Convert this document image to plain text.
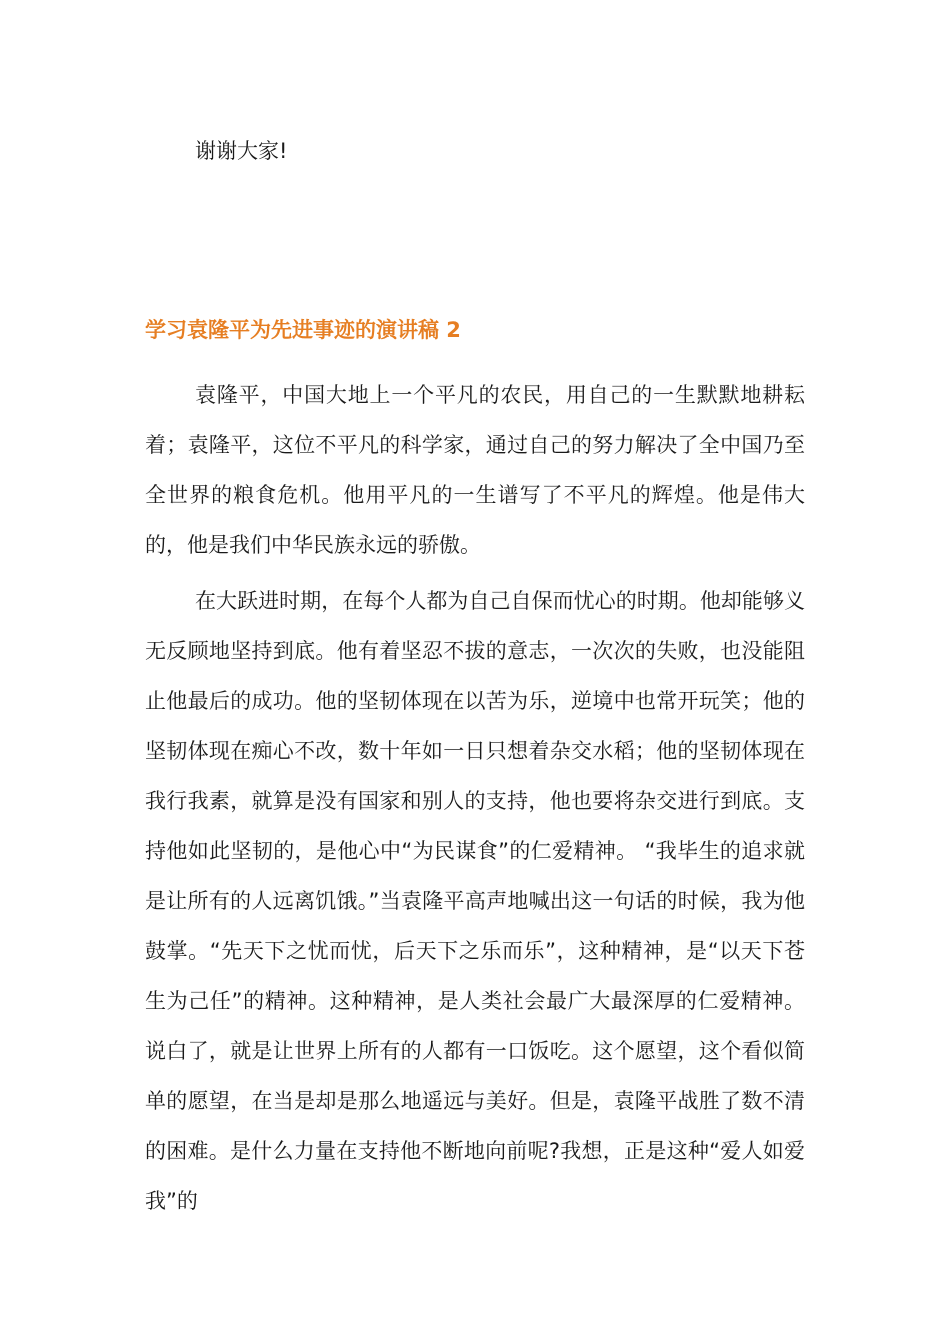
谢谢大家!

学习袁隆平为先进事迹的演讲稿 2

袁隆平，中国大地上一个平凡的农民，用自己的一生默默地耕耘着；袁隆平，这位不平凡的科学家，通过自己的努力解决了全中国乃至全世界的粮食危机。他用平凡的一生谱写了不平凡的辉煌。他是伟大的，他是我们中华民族永远的骄傲。

在大跃进时期，在每个人都为自己自保而忧心的时期。他却能够义无反顾地坚持到底。他有着坚忍不拔的意志，一次次的失败，也没能阻止他最后的成功。他的坚韧体现在以苦为乐，逆境中也常开玩笑；他的坚韧体现在痴心不改，数十年如一日只想着杂交水稻；他的坚韧体现在我行我素，就算是没有国家和别人的支持，他也要将杂交进行到底。支持他如此坚韧的，是他心中“为民谋食”的仁爱精神。 “我毕生的追求就是让所有的人远离饥饿。”当袁隆平高声地喊出这一句话的时候，我为他鼓掌。“先天下之忧而忧，后天下之乐而乐”，这种精神，是“以天下苍生为己任”的精神。这种精神，是人类社会最广大最深厚的仁爱精神。说白了，就是让世界上所有的人都有一口饭吃。这个愿望，这个看似简单的愿望，在当是却是那么地遥远与美好。但是，袁隆平战胜了数不清的困难。是什么力量在支持他不断地向前呢?我想，正是这种“爱人如爱我”的
